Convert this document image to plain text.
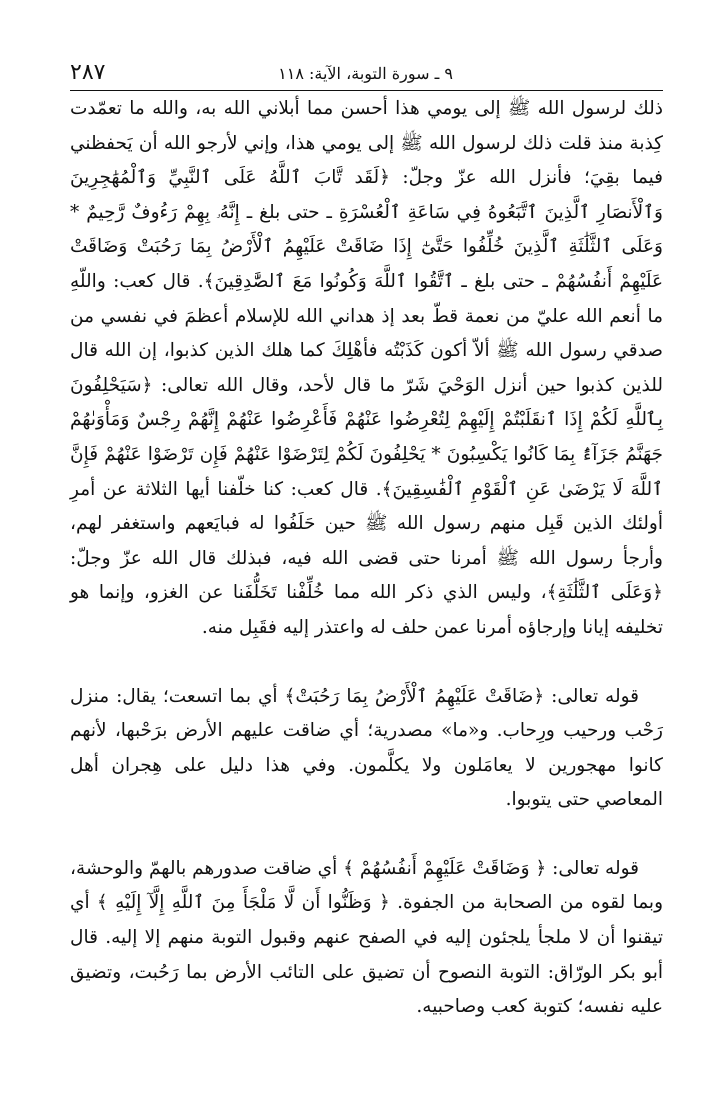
٢٨٧	٩ ـ سورة التوبة، الآية: ١١٨

ذلك لرسول الله ﷺ إلى يومي هذا أحسن مما أبلاني الله به، والله ما تعمّدت كِذبة منذ قلت ذلك لرسول الله ﷺ إلى يومي هذا، وإني لأرجو الله أن يَحفظني فيما بقِيَ؛ فأنزل الله عزّ وجلّ: ﴿لَقَد تَّابَ ٱللَّهُ عَلَى ٱلنَّبِيِّ وَٱلْمُهَٰجِرِينَ وَٱلْأَنصَارِ ٱلَّذِينَ ٱتَّبَعُوهُ فِي سَاعَةِ ٱلْعُسْرَةِ ـ حتى بلغ ـ إِنَّهُۥ بِهِمْ رَءُوفٌ رَّحِيمٌ * وَعَلَى ٱلثَّلَٰثَةِ ٱلَّذِينَ خُلِّفُوا حَتَّىٰٓ إِذَا ضَاقَتْ عَلَيْهِمُ ٱلْأَرْضُ بِمَا رَحُبَتْ وَضَاقَتْ عَلَيْهِمْ أَنفُسُهُمْ ـ حتى بلغ ـ ٱتَّقُوا ٱللَّهَ وَكُونُوا مَعَ ٱلصَّٰدِقِينَ﴾. قال كعب: واللّهِ ما أنعم الله عليّ من نعمة قطّ بعد إذ هداني الله للإسلام أعظمَ في نفسي من صدقي رسول الله ﷺ ألاّ أكون كَذَبْتُه فأهْلِكَ كما هلك الذين كذبوا، إن الله قال للذين كذبوا حين أنزل الوَحْيَ شَرّ ما قال لأحد، وقال الله تعالى: ﴿سَيَحْلِفُونَ بِٱللَّهِ لَكُمْ إِذَا ٱنقَلَبْتُمْ إِلَيْهِمْ لِتُعْرِضُوا عَنْهُمْ فَأَعْرِضُوا عَنْهُمْ إِنَّهُمْ رِجْسٌ وَمَأْوَىٰهُمْ جَهَنَّمُ جَزَآءًۢ بِمَا كَانُوا يَكْسِبُونَ * يَحْلِفُونَ لَكُمْ لِتَرْضَوْا عَنْهُمْ فَإِن تَرْضَوْا عَنْهُمْ فَإِنَّ ٱللَّهَ لَا يَرْضَىٰ عَنِ ٱلْقَوْمِ ٱلْفَٰسِقِينَ﴾. قال كعب: كنا خلّفنا أيها الثلاثة عن أمرِ أولئك الذين قَبِل منهم رسول الله ﷺ حين حَلَفُوا له فبايَعهم واستغفر لهم، وأرجأ رسول الله ﷺ أمرنا حتى قضى الله فيه، فبذلك قال الله عزّ وجلّ: ﴿وَعَلَى ٱلثَّلَٰثَةِ﴾، وليس الذي ذكر الله مما خُلِّفْنا تَخَلُّفَنا عن الغزو، وإنما هو تخليفه إيانا وإرجاؤه أمرنا عمن حلف له واعتذر إليه فقَبِل منه.

قوله تعالى: ﴿ضَاقَتْ عَلَيْهِمُ ٱلْأَرْضُ بِمَا رَحُبَتْ﴾ أي بما اتسعت؛ يقال: منزل رَحْب ورحيب ورِحاب. و«ما» مصدرية؛ أي ضاقت عليهم الأرض برَحْبها، لأنهم كانوا مهجورين لا يعامَلون ولا يكلَّمون. وفي هذا دليل على هِجران أهل المعاصي حتى يتوبوا.

قوله تعالى: ﴿ وَضَاقَتْ عَلَيْهِمْ أَنفُسُهُمْ ﴾ أي ضاقت صدورهم بالهمّ والوحشة، وبما لقوه من الصحابة من الجفوة. ﴿ وَظَنُّوا أَن لَّا مَلْجَأَ مِنَ ٱللَّهِ إِلَّآ إِلَيْهِ ﴾ أي تيقنوا أن لا ملجأ يلجئون إليه في الصفح عنهم وقبول التوبة منهم إلا إليه. قال أبو بكر الورّاق: التوبة النصوح أن تضيق على التائب الأرض بما رَحُبت، وتضيق عليه نفسه؛ كتوبة كعب وصاحبيه.
